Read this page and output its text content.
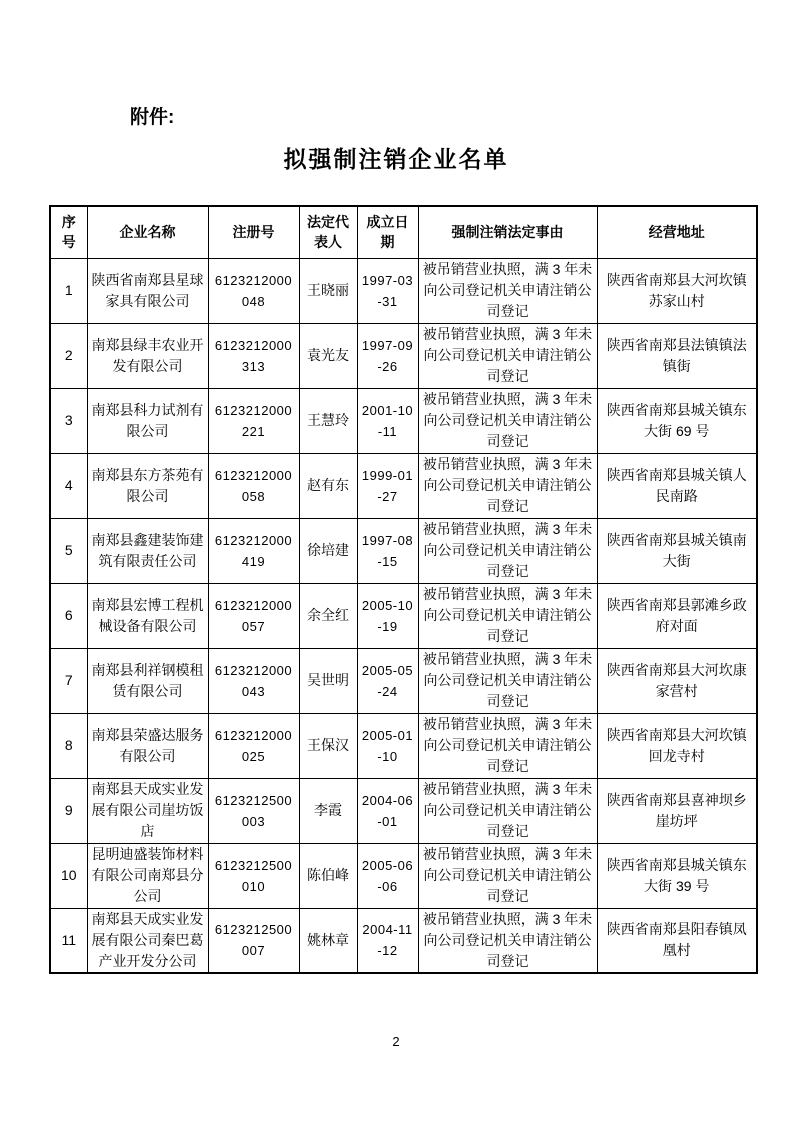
附件:
拟强制注销企业名单
序号	企业名称	注册号	法定代表人	成立日期	强制注销法定事由	经营地址
1	陕西省南郑县星球家具有限公司	6123212000048	王晓丽	1997-03-31	被吊销营业执照，满 3 年未向公司登记机关申请注销公司登记	陕西省南郑县大河坎镇苏家山村
2	南郑县绿丰农业开发有限公司	6123212000313	袁光友	1997-09-26	被吊销营业执照，满 3 年未向公司登记机关申请注销公司登记	陕西省南郑县法镇镇法镇街
3	南郑县科力试剂有限公司	6123212000221	王慧玲	2001-10-11	被吊销营业执照，满 3 年未向公司登记机关申请注销公司登记	陕西省南郑县城关镇东大街 69 号
4	南郑县东方茶苑有限公司	6123212000058	赵有东	1999-01-27	被吊销营业执照，满 3 年未向公司登记机关申请注销公司登记	陕西省南郑县城关镇人民南路
5	南郑县鑫建装饰建筑有限责任公司	6123212000419	徐培建	1997-08-15	被吊销营业执照，满 3 年未向公司登记机关申请注销公司登记	陕西省南郑县城关镇南大街
6	南郑县宏博工程机械设备有限公司	6123212000057	余全红	2005-10-19	被吊销营业执照，满 3 年未向公司登记机关申请注销公司登记	陕西省南郑县郭滩乡政府对面
7	南郑县利祥钢模租赁有限公司	6123212000043	吴世明	2005-05-24	被吊销营业执照，满 3 年未向公司登记机关申请注销公司登记	陕西省南郑县大河坎康家营村
8	南郑县荣盛达服务有限公司	6123212000025	王保汉	2005-01-10	被吊销营业执照，满 3 年未向公司登记机关申请注销公司登记	陕西省南郑县大河坎镇回龙寺村
9	南郑县天成实业发展有限公司崖坊饭店	6123212500003	李霞	2004-06-01	被吊销营业执照，满 3 年未向公司登记机关申请注销公司登记	陕西省南郑县喜神坝乡崖坊坪
10	昆明迪盛装饰材料有限公司南郑县分公司	6123212500010	陈伯峰	2005-06-06	被吊销营业执照，满 3 年未向公司登记机关申请注销公司登记	陕西省南郑县城关镇东大街 39 号
11	南郑县天成实业发展有限公司秦巴葛产业开发分公司	6123212500007	姚林章	2004-11-12	被吊销营业执照，满 3 年未向公司登记机关申请注销公司登记	陕西省南郑县阳春镇凤凰村
2
